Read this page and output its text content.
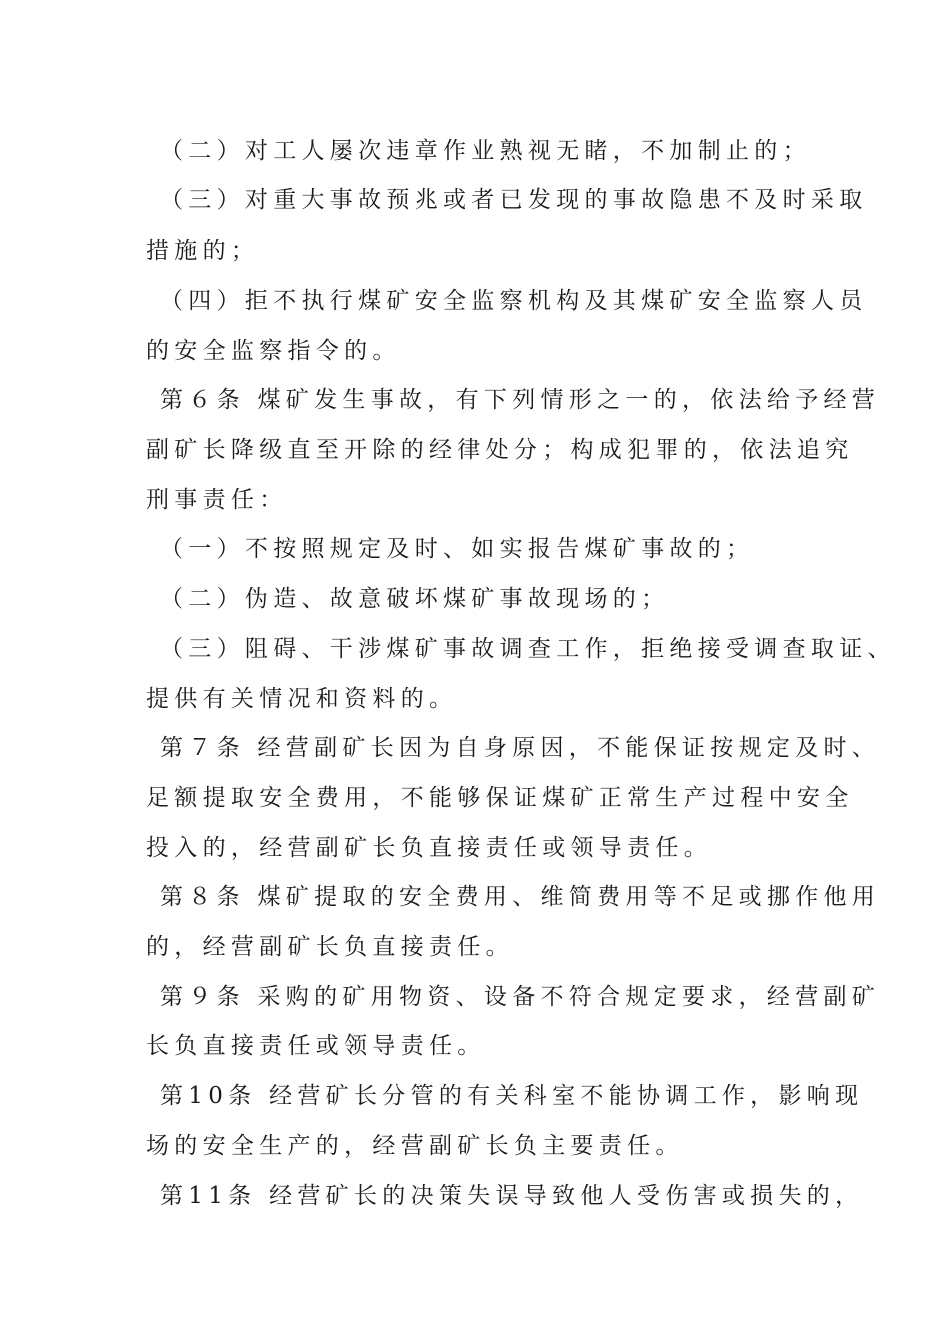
（二）对工人屡次违章作业熟视无睹，不加制止的；
（三）对重大事故预兆或者已发现的事故隐患不及时采取
措施的；
（四）拒不执行煤矿安全监察机构及其煤矿安全监察人员
的安全监察指令的。
第６条 煤矿发生事故，有下列情形之一的，依法给予经营
副矿长降级直至开除的经律处分；构成犯罪的，依法追究
刑事责任：
（一）不按照规定及时、如实报告煤矿事故的；
（二）伪造、故意破坏煤矿事故现场的；
（三）阻碍、干涉煤矿事故调查工作，拒绝接受调查取证、
提供有关情况和资料的。
第７条 经营副矿长因为自身原因，不能保证按规定及时、
足额提取安全费用，不能够保证煤矿正常生产过程中安全
投入的，经营副矿长负直接责任或领导责任。
第８条 煤矿提取的安全费用、维简费用等不足或挪作他用
的，经营副矿长负直接责任。
第９条 采购的矿用物资、设备不符合规定要求，经营副矿
长负直接责任或领导责任。
第10条 经营矿长分管的有关科室不能协调工作，影响现
场的安全生产的，经营副矿长负主要责任。
第11条 经营矿长的决策失误导致他人受伤害或损失的，
